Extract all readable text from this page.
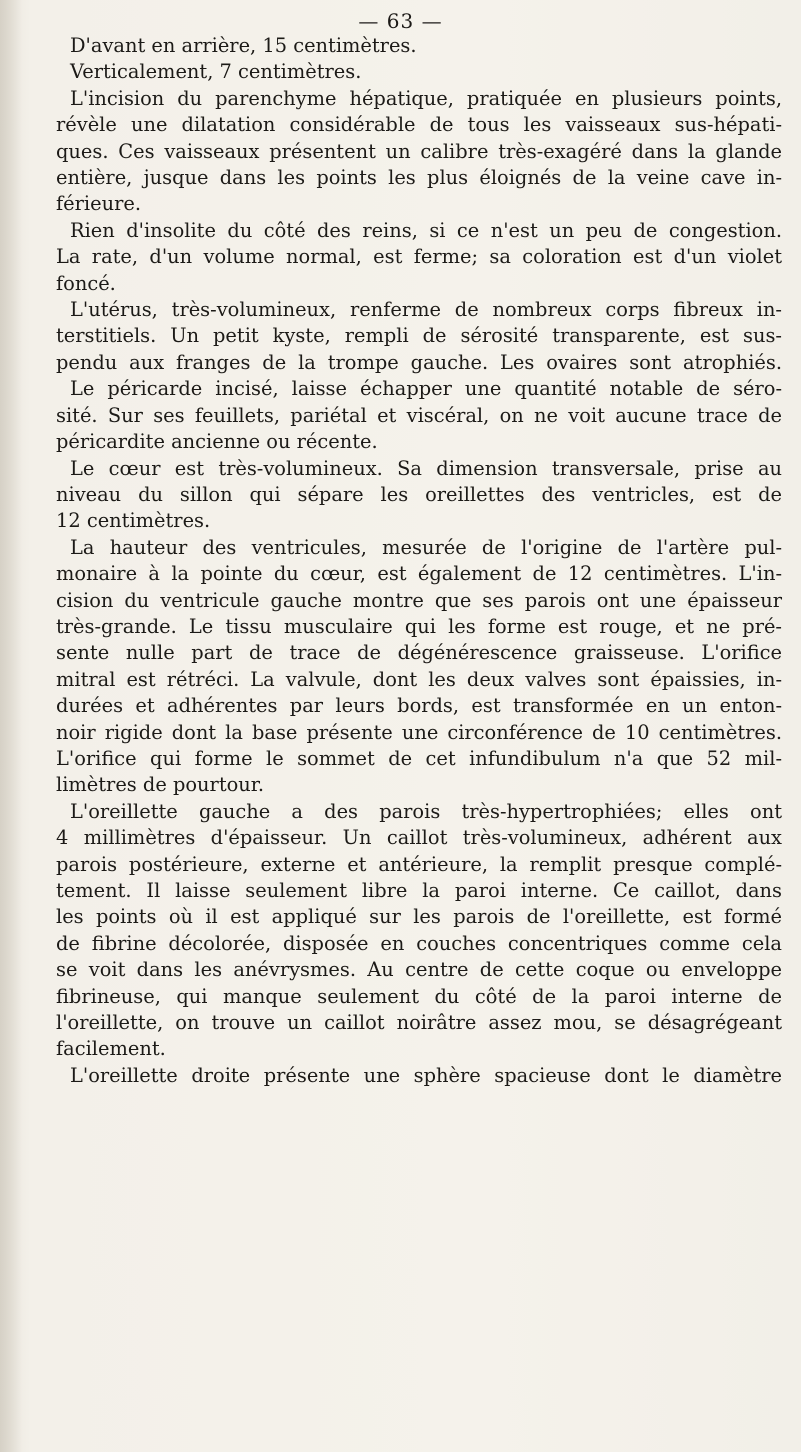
— 63 —
D'avant en arrière, 15 centimètres.
Verticalement, 7 centimètres.
L'incision du parenchyme hépatique, pratiquée en plusieurs points,
révèle une dilatation considérable de tous les vaisseaux sus-hépati-
ques. Ces vaisseaux présentent un calibre très-exagéré dans la glande
entière, jusque dans les points les plus éloignés de la veine cave in-
férieure.
Rien d'insolite du côté des reins, si ce n'est un peu de congestion.
La rate, d'un volume normal, est ferme; sa coloration est d'un violet
foncé.
L'utérus, très-volumineux, renferme de nombreux corps fibreux in-
terstitiels. Un petit kyste, rempli de sérosité transparente, est sus-
pendu aux franges de la trompe gauche. Les ovaires sont atrophiés.
Le péricarde incisé, laisse échapper une quantité notable de séro-
sité. Sur ses feuillets, pariétal et viscéral, on ne voit aucune trace de
péricardite ancienne ou récente.
Le cœur est très-volumineux. Sa dimension transversale, prise au
niveau du sillon qui sépare les oreillettes des ventricles, est de
12 centimètres.
La hauteur des ventricules, mesurée de l'origine de l'artère pul-
monaire à la pointe du cœur, est également de 12 centimètres. L'in-
cision du ventricule gauche montre que ses parois ont une épaisseur
très-grande. Le tissu musculaire qui les forme est rouge, et ne pré-
sente nulle part de trace de dégénérescence graisseuse. L'orifice
mitral est rétréci. La valvule, dont les deux valves sont épaissies, in-
durées et adhérentes par leurs bords, est transformée en un enton-
noir rigide dont la base présente une circonférence de 10 centimètres.
L'orifice qui forme le sommet de cet infundibulum n'a que 52 mil-
limètres de pourtour.
L'oreillette gauche a des parois très-hypertrophiées; elles ont
4 millimètres d'épaisseur. Un caillot très-volumineux, adhérent aux
parois postérieure, externe et antérieure, la remplit presque complé-
tement. Il laisse seulement libre la paroi interne. Ce caillot, dans
les points où il est appliqué sur les parois de l'oreillette, est formé
de fibrine décolorée, disposée en couches concentriques comme cela
se voit dans les anévrysmes. Au centre de cette coque ou enveloppe
fibrineuse, qui manque seulement du côté de la paroi interne de
l'oreillette, on trouve un caillot noirâtre assez mou, se désagrégeant
facilement.
L'oreillette droite présente une sphère spacieuse dont le diamètre
